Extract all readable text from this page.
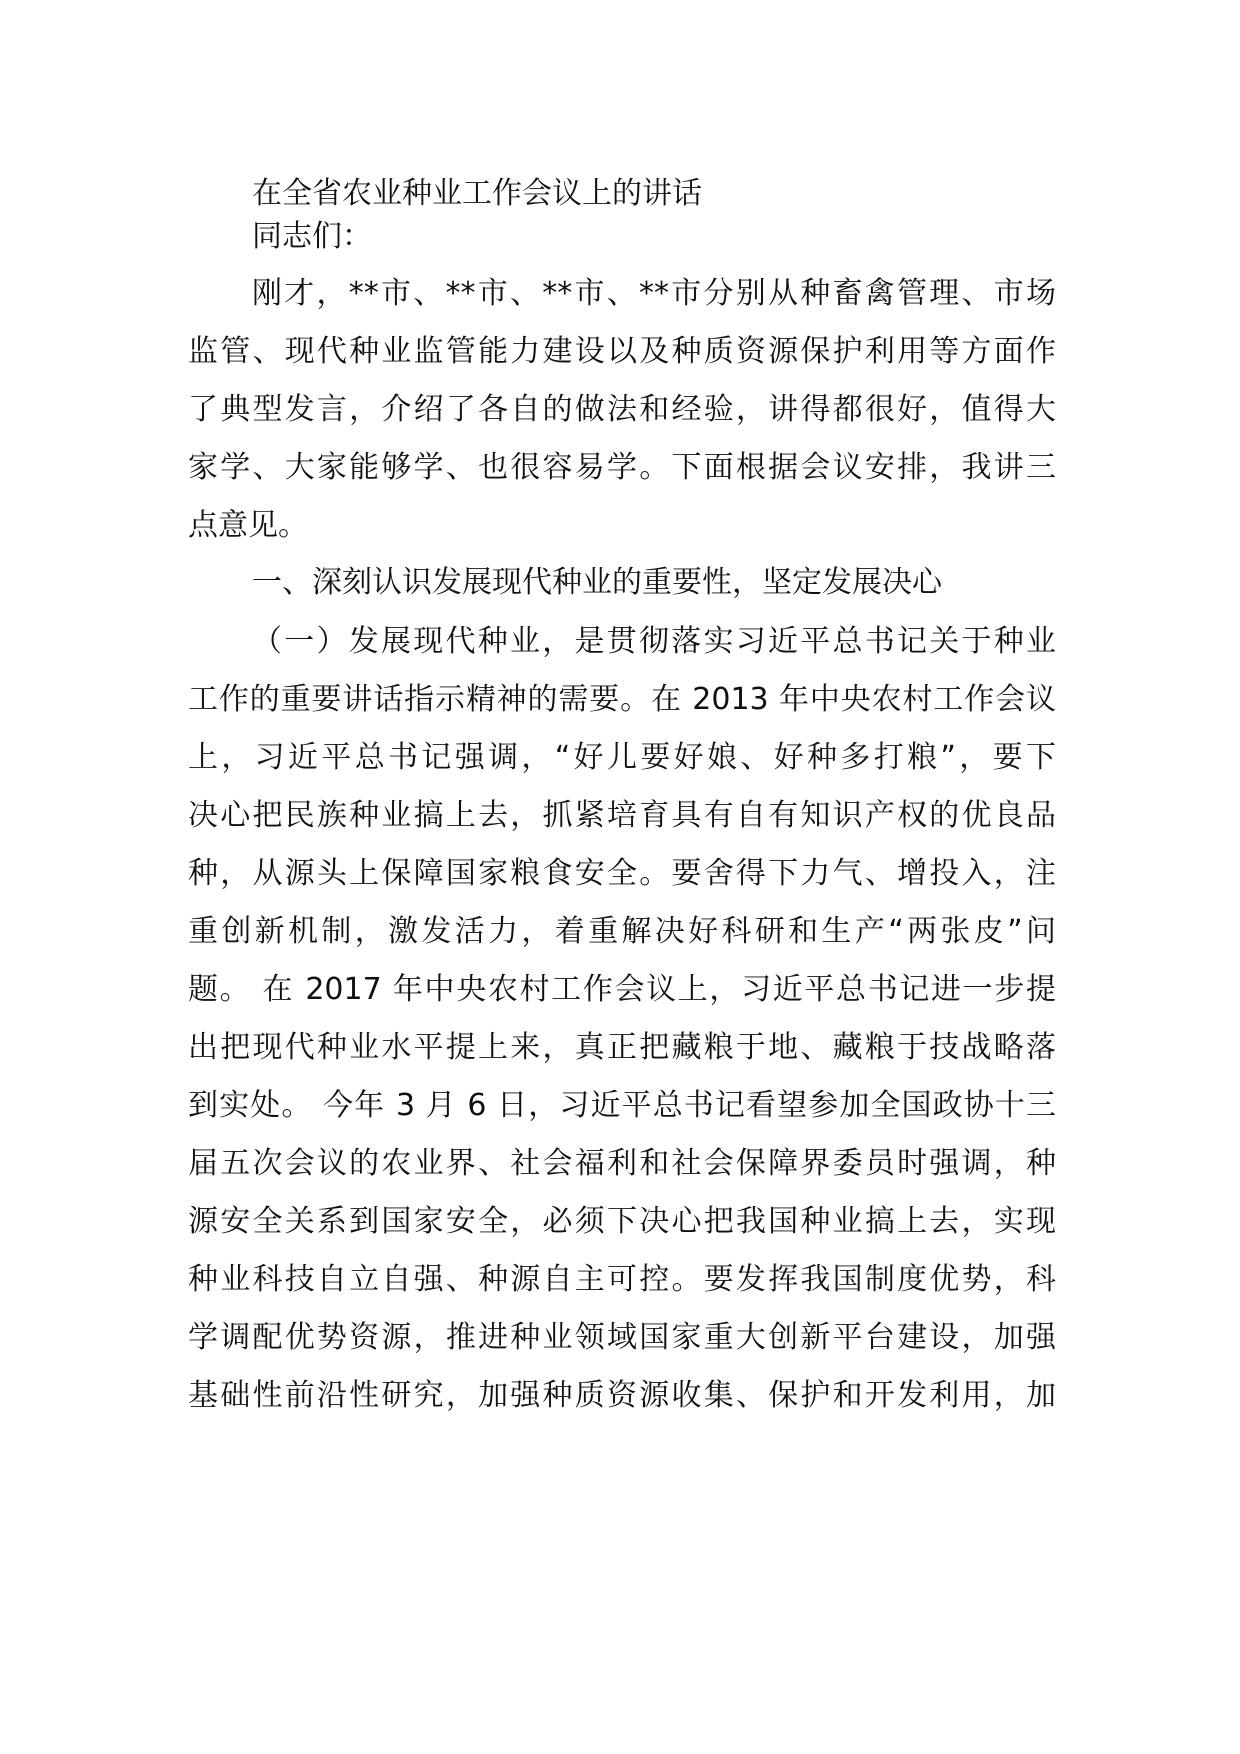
在全省农业种业工作会议上的讲话
同志们：
刚才，**市、**市、**市、**市分别从种畜禽管理、市场
监管、现代种业监管能力建设以及种质资源保护利用等方面作
了典型发言，介绍了各自的做法和经验，讲得都很好，值得大
家学、大家能够学、也很容易学。下面根据会议安排，我讲三
点意见。
一、深刻认识发展现代种业的重要性，坚定发展决心
（一）发展现代种业，是贯彻落实习近平总书记关于种业
工作的重要讲话指示精神的需要。在 2013 年中央农村工作会议
上，习近平总书记强调，“好儿要好娘、好种多打粮”，要下
决心把民族种业搞上去，抓紧培育具有自有知识产权的优良品
种，从源头上保障国家粮食安全。要舍得下力气、增投入，注
重创新机制，激发活力，着重解决好科研和生产“两张皮”问
题。 在 2017 年中央农村工作会议上，习近平总书记进一步提
出把现代种业水平提上来，真正把藏粮于地、藏粮于技战略落
到实处。 今年 3 月 6 日，习近平总书记看望参加全国政协十三
届五次会议的农业界、社会福利和社会保障界委员时强调，种
源安全关系到国家安全，必须下决心把我国种业搞上去，实现
种业科技自立自强、种源自主可控。要发挥我国制度优势，科
学调配优势资源，推进种业领域国家重大创新平台建设，加强
基础性前沿性研究，加强种质资源收集、保护和开发利用，加
